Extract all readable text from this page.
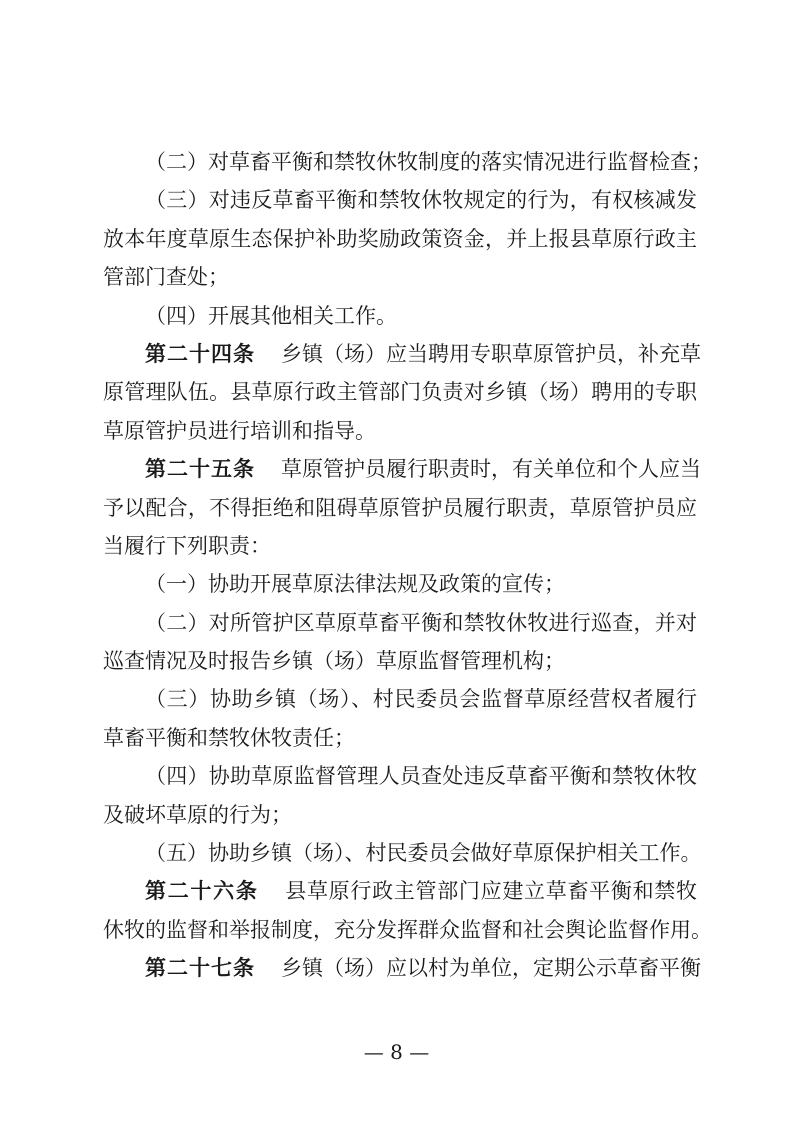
（二）对草畜平衡和禁牧休牧制度的落实情况进行监督检查；
（三）对违反草畜平衡和禁牧休牧规定的行为，有权核减发
放本年度草原生态保护补助奖励政策资金，并上报县草原行政主
管部门查处；
（四）开展其他相关工作。
第二十四条 乡镇（场）应当聘用专职草原管护员，补充草
原管理队伍。县草原行政主管部门负责对乡镇（场）聘用的专职
草原管护员进行培训和指导。
第二十五条 草原管护员履行职责时，有关单位和个人应当
予以配合，不得拒绝和阻碍草原管护员履行职责，草原管护员应
当履行下列职责：
（一）协助开展草原法律法规及政策的宣传；
（二）对所管护区草原草畜平衡和禁牧休牧进行巡查，并对
巡查情况及时报告乡镇（场）草原监督管理机构；
（三）协助乡镇（场）、村民委员会监督草原经营权者履行
草畜平衡和禁牧休牧责任；
（四）协助草原监督管理人员查处违反草畜平衡和禁牧休牧
及破坏草原的行为；
（五）协助乡镇（场）、村民委员会做好草原保护相关工作。
第二十六条 县草原行政主管部门应建立草畜平衡和禁牧
休牧的监督和举报制度，充分发挥群众监督和社会舆论监督作用。
第二十七条 乡镇（场）应以村为单位，定期公示草畜平衡
— 8 —
